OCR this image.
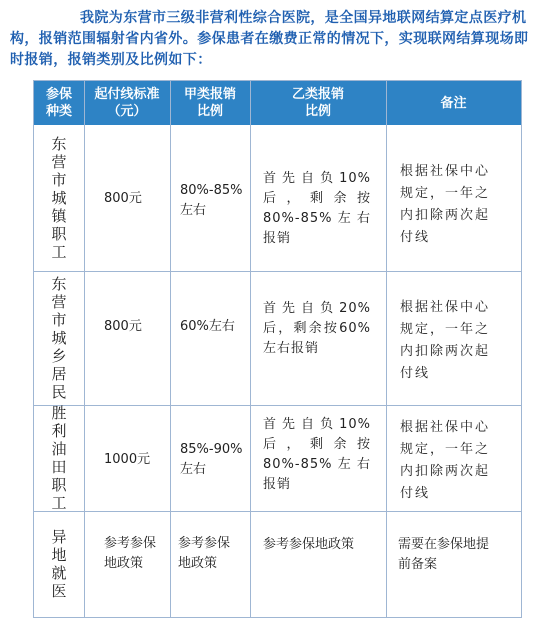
我院为东营市三级非营利性综合医院，是全国异地联网结算定点医疗机构，报销范围辐射省内省外。参保患者在缴费正常的情况下，实现联网结算现场即时报销，报销类别及比例如下：
参保种类
起付线标准（元）
甲类报销比例
乙类报销比例
备注
东营市城镇职工
800元
80%-85%左右
首先自负10%后，剩余按80%-85%左右报销
根据社保中心规定，一年之内扣除两次起付线
东营市城乡居民
800元	60%左右
首先自负20%后，剩余按60%左右报销
根据社保中心规定，一年之内扣除两次起付线
胜利油田职工
1000元
85%-90%左右
首先自负10%后，剩余按80%-85%左右报销
根据社保中心规定，一年之内扣除两次起付线
异地就医
参考参保地政策
参考参保地政策
参考参保地政策	需要在参保地提前备案
